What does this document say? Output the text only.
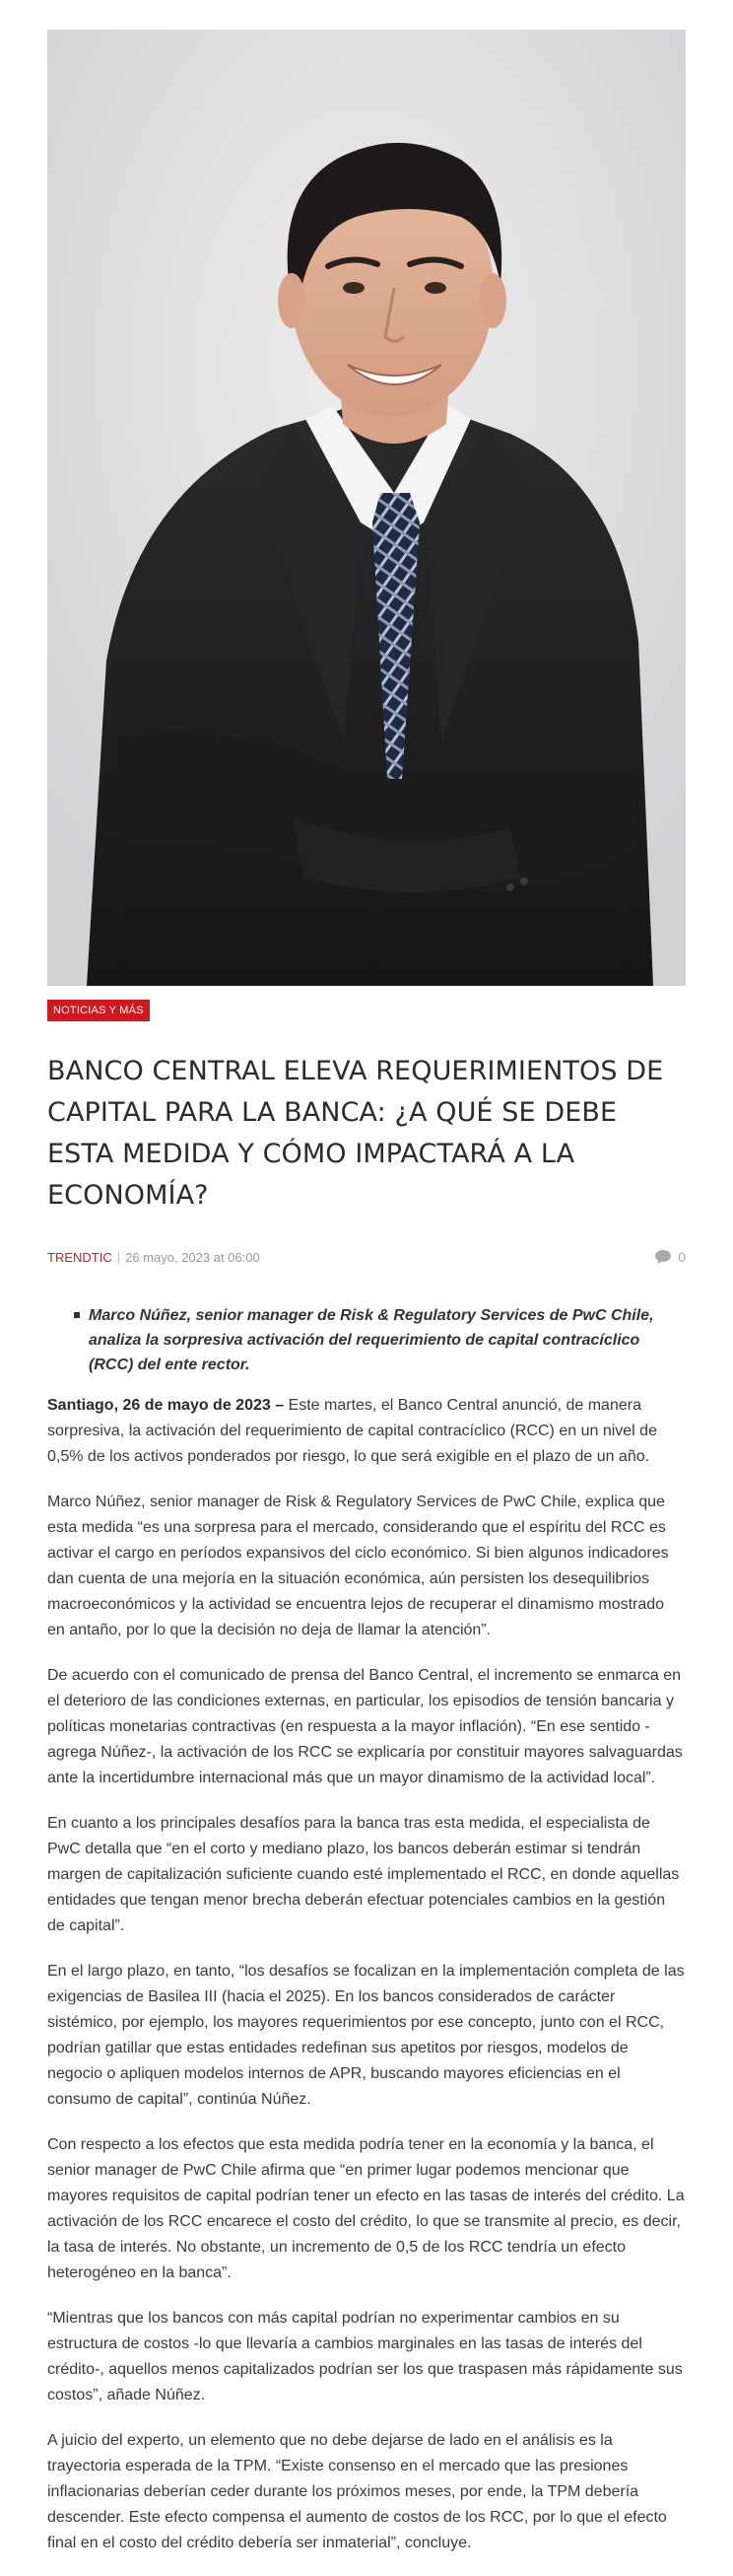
NOTICIAS Y MÁS
BANCO CENTRAL ELEVA REQUERIMIENTOS DE CAPITAL PARA LA BANCA: ¿A QUÉ SE DEBE ESTA MEDIDA Y CÓMO IMPACTARÁ A LA ECONOMÍA?
TRENDTIC | 26 mayo, 2023 at 06:00	0
Marco Núñez, senior manager de Risk & Regulatory Services de PwC Chile, analiza la sorpresiva activación del requerimiento de capital contracíclico (RCC) del ente rector.

Santiago, 26 de mayo de 2023 – Este martes, el Banco Central anunció, de manera sorpresiva, la activación del requerimiento de capital contracíclico (RCC) en un nivel de 0,5% de los activos ponderados por riesgo, lo que será exigible en el plazo de un año.

Marco Núñez, senior manager de Risk & Regulatory Services de PwC Chile, explica que esta medida “es una sorpresa para el mercado, considerando que el espíritu del RCC es activar el cargo en períodos expansivos del ciclo económico. Si bien algunos indicadores dan cuenta de una mejoría en la situación económica, aún persisten los desequilibrios macroeconómicos y la actividad se encuentra lejos de recuperar el dinamismo mostrado en antaño, por lo que la decisión no deja de llamar la atención”.

De acuerdo con el comunicado de prensa del Banco Central, el incremento se enmarca en el deterioro de las condiciones externas, en particular, los episodios de tensión bancaria y políticas monetarias contractivas (en respuesta a la mayor inflación). “En ese sentido -agrega Núñez-, la activación de los RCC se explicaría por constituir mayores salvaguardas ante la incertidumbre internacional más que un mayor dinamismo de la actividad local”.

En cuanto a los principales desafíos para la banca tras esta medida, el especialista de PwC detalla que “en el corto y mediano plazo, los bancos deberán estimar si tendrán margen de capitalización suficiente cuando esté implementado el RCC, en donde aquellas entidades que tengan menor brecha deberán efectuar potenciales cambios en la gestión de capital”.

En el largo plazo, en tanto, “los desafíos se focalizan en la implementación completa de las exigencias de Basilea III (hacia el 2025). En los bancos considerados de carácter sistémico, por ejemplo, los mayores requerimientos por ese concepto, junto con el RCC, podrían gatillar que estas entidades redefinan sus apetitos por riesgos, modelos de negocio o apliquen modelos internos de APR, buscando mayores eficiencias en el consumo de capital”, continúa Núñez.

Con respecto a los efectos que esta medida podría tener en la economía y la banca, el senior manager de PwC Chile afirma que “en primer lugar podemos mencionar que mayores requisitos de capital podrían tener un efecto en las tasas de interés del crédito. La activación de los RCC encarece el costo del crédito, lo que se transmite al precio, es decir, la tasa de interés. No obstante, un incremento de 0,5 de los RCC tendría un efecto heterogéneo en la banca”.

“Mientras que los bancos con más capital podrían no experimentar cambios en su estructura de costos -lo que llevaría a cambios marginales en las tasas de interés del crédito-, aquellos menos capitalizados podrían ser los que traspasen más rápidamente sus costos”, añade Núñez.

A juicio del experto, un elemento que no debe dejarse de lado en el análisis es la trayectoria esperada de la TPM. “Existe consenso en el mercado que las presiones inflacionarias deberían ceder durante los próximos meses, por ende, la TPM debería descender. Este efecto compensa el aumento de costos de los RCC, por lo que el efecto final en el costo del crédito debería ser inmaterial”, concluye.
